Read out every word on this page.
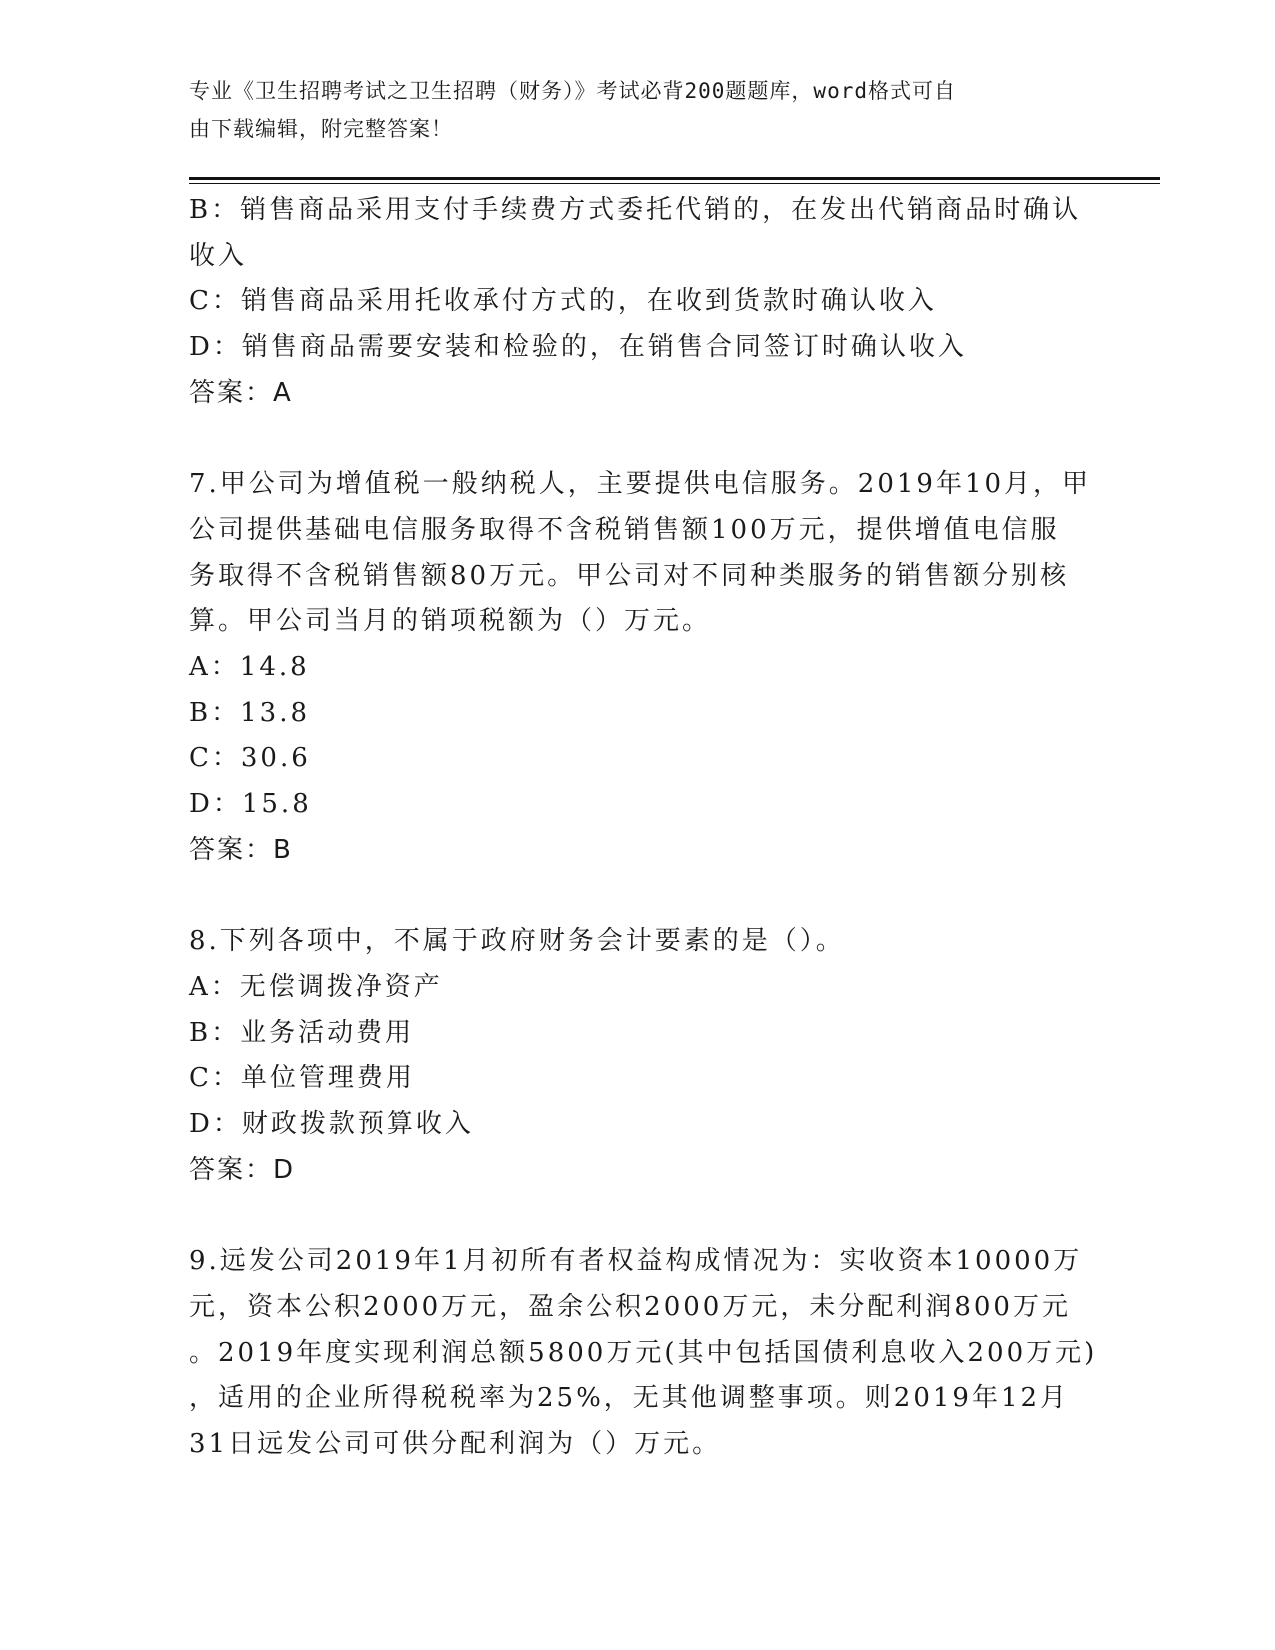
专业《卫生招聘考试之卫生招聘（财务）》考试必背200题题库，word格式可自
由下载编辑，附完整答案！
B：销售商品采用支付手续费方式委托代销的，在发出代销商品时确认
收入
C：销售商品采用托收承付方式的，在收到货款时确认收入
D：销售商品需要安装和检验的，在销售合同签订时确认收入
答案：A
7.甲公司为增值税一般纳税人，主要提供电信服务。2019年10月，甲
公司提供基础电信服务取得不含税销售额100万元，提供增值电信服
务取得不含税销售额80万元。甲公司对不同种类服务的销售额分别核
算。甲公司当月的销项税额为（）万元。
A：14.8
B：13.8
C：30.6
D：15.8
答案：B
8.下列各项中，不属于政府财务会计要素的是（）。
A：无偿调拨净资产
B：业务活动费用
C：单位管理费用
D：财政拨款预算收入
答案：D
9.远发公司2019年1月初所有者权益构成情况为：实收资本10000万
元，资本公积2000万元，盈余公积2000万元，未分配利润800万元
。2019年度实现利润总额5800万元(其中包括国债利息收入200万元)
，适用的企业所得税税率为25%，无其他调整事项。则2019年12月
31日远发公司可供分配利润为（）万元。
